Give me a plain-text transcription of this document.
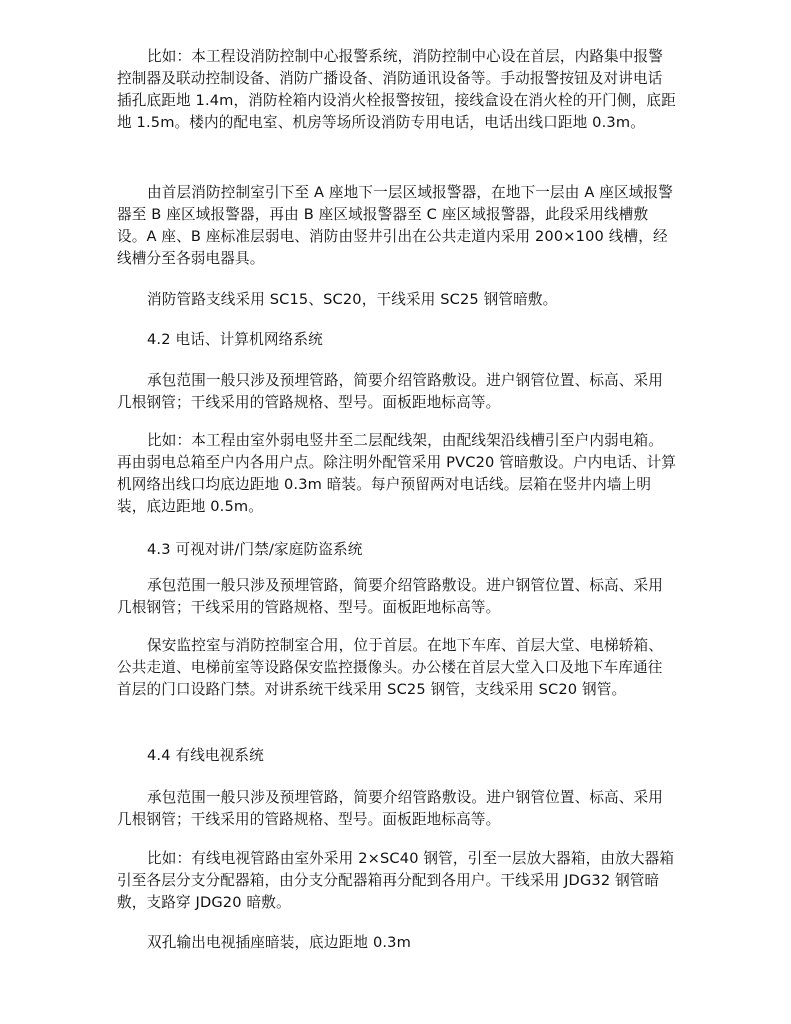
比如：本工程设消防控制中心报警系统，消防控制中心设在首层，内路集中报警控制器及联动控制设备、消防广播设备、消防通讯设备等。手动报警按钮及对讲电话插孔底距地 1.4m，消防栓箱内设消火栓报警按钮，接线盒设在消火栓的开门侧，底距地 1.5m。楼内的配电室、机房等场所设消防专用电话，电话出线口距地 0.3m。

由首层消防控制室引下至 A 座地下一层区域报警器，在地下一层由 A 座区域报警器至 B 座区域报警器，再由 B 座区域报警器至 C 座区域报警器，此段采用线槽敷设。A 座、B 座标准层弱电、消防由竖井引出在公共走道内采用 200×100 线槽，经线槽分至各弱电器具。

消防管路支线采用 SC15、SC20，干线采用 SC25 钢管暗敷。

4.2 电话、计算机网络系统

承包范围一般只涉及预埋管路，简要介绍管路敷设。进户钢管位置、标高、采用几根钢管；干线采用的管路规格、型号。面板距地标高等。

比如：本工程由室外弱电竖井至二层配线架，由配线架沿线槽引至户内弱电箱。再由弱电总箱至户内各用户点。除注明外配管采用 PVC20 管暗敷设。户内电话、计算机网络出线口均底边距地 0.3m 暗装。每户预留两对电话线。层箱在竖井内墙上明装，底边距地 0.5m。

4.3 可视对讲/门禁/家庭防盗系统

承包范围一般只涉及预埋管路，简要介绍管路敷设。进户钢管位置、标高、采用几根钢管；干线采用的管路规格、型号。面板距地标高等。

保安监控室与消防控制室合用，位于首层。在地下车库、首层大堂、电梯轿箱、公共走道、电梯前室等设路保安监控摄像头。办公楼在首层大堂入口及地下车库通往首层的门口设路门禁。对讲系统干线采用 SC25 钢管，支线采用 SC20 钢管。

4.4 有线电视系统

承包范围一般只涉及预埋管路，简要介绍管路敷设。进户钢管位置、标高、采用几根钢管；干线采用的管路规格、型号。面板距地标高等。

比如：有线电视管路由室外采用 2×SC40 钢管，引至一层放大器箱，由放大器箱引至各层分支分配器箱，由分支分配器箱再分配到各用户。干线采用 JDG32 钢管暗敷，支路穿 JDG20 暗敷。

双孔输出电视插座暗装，底边距地 0.3m
